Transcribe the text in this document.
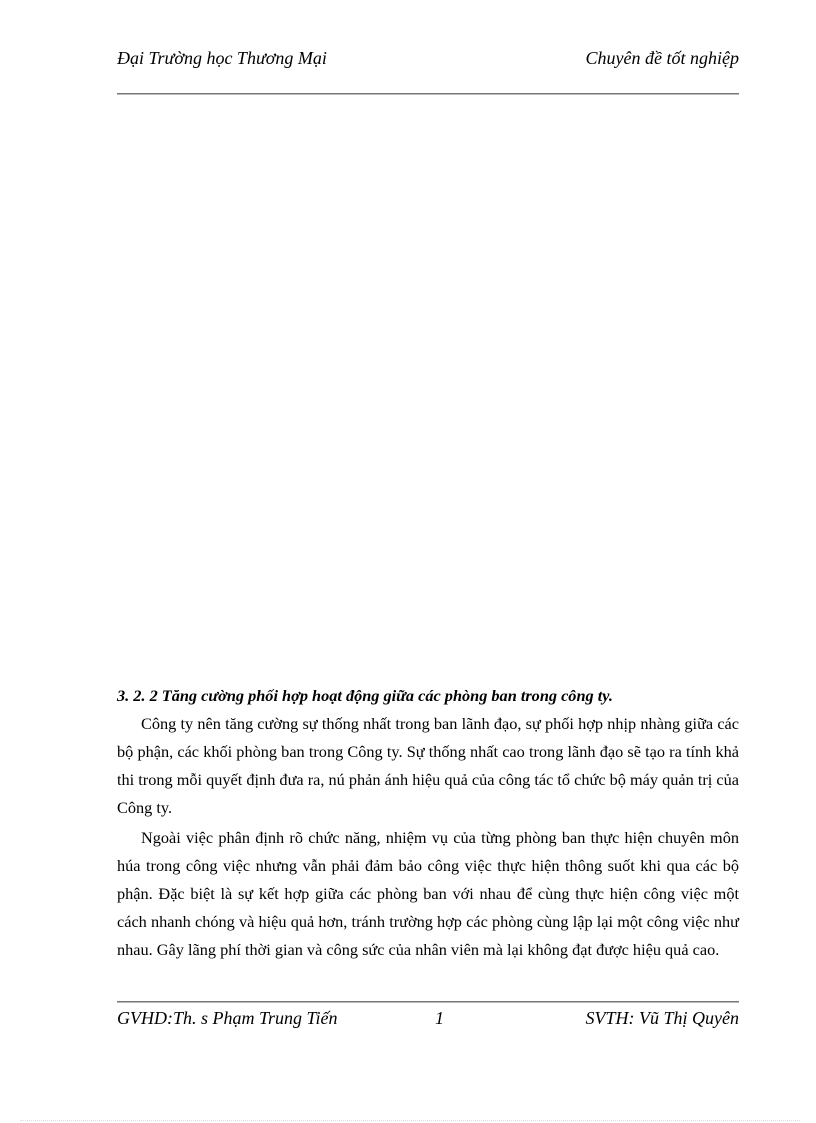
Đại Trường học Thương Mại	Chuyên đề tốt nghiệp

3. 2. 2 Tăng cường phối hợp hoạt động giữa các phòng ban trong công ty.

Công ty nên tăng cường sự thống nhất trong ban lãnh đạo, sự phối hợp nhịp nhàng giữa các bộ phận, các khối phòng ban trong Công ty. Sự thống nhất cao trong lãnh đạo sẽ tạo ra tính khả thi trong mỗi quyết định đưa ra, nú phản ánh hiệu quả của công tác tổ chức bộ máy quản trị của Công ty.

Ngoài việc phân định rõ chức năng, nhiệm vụ của từng phòng ban thực hiện chuyên môn húa trong công việc nhưng vẫn phải đảm bảo công việc thực hiện thông suốt khi qua các bộ phận. Đặc biệt là sự kết hợp giữa các phòng ban với nhau để cùng thực hiện công việc một cách nhanh chóng và hiệu quả hơn, tránh trường hợp các phòng cùng lập lại một công việc như nhau. Gây lãng phí thời gian và công sức của nhân viên mà lại không đạt được hiệu quả cao.

GVHD:Th. s Phạm Trung Tiến	1	SVTH: Vũ Thị Quyên
